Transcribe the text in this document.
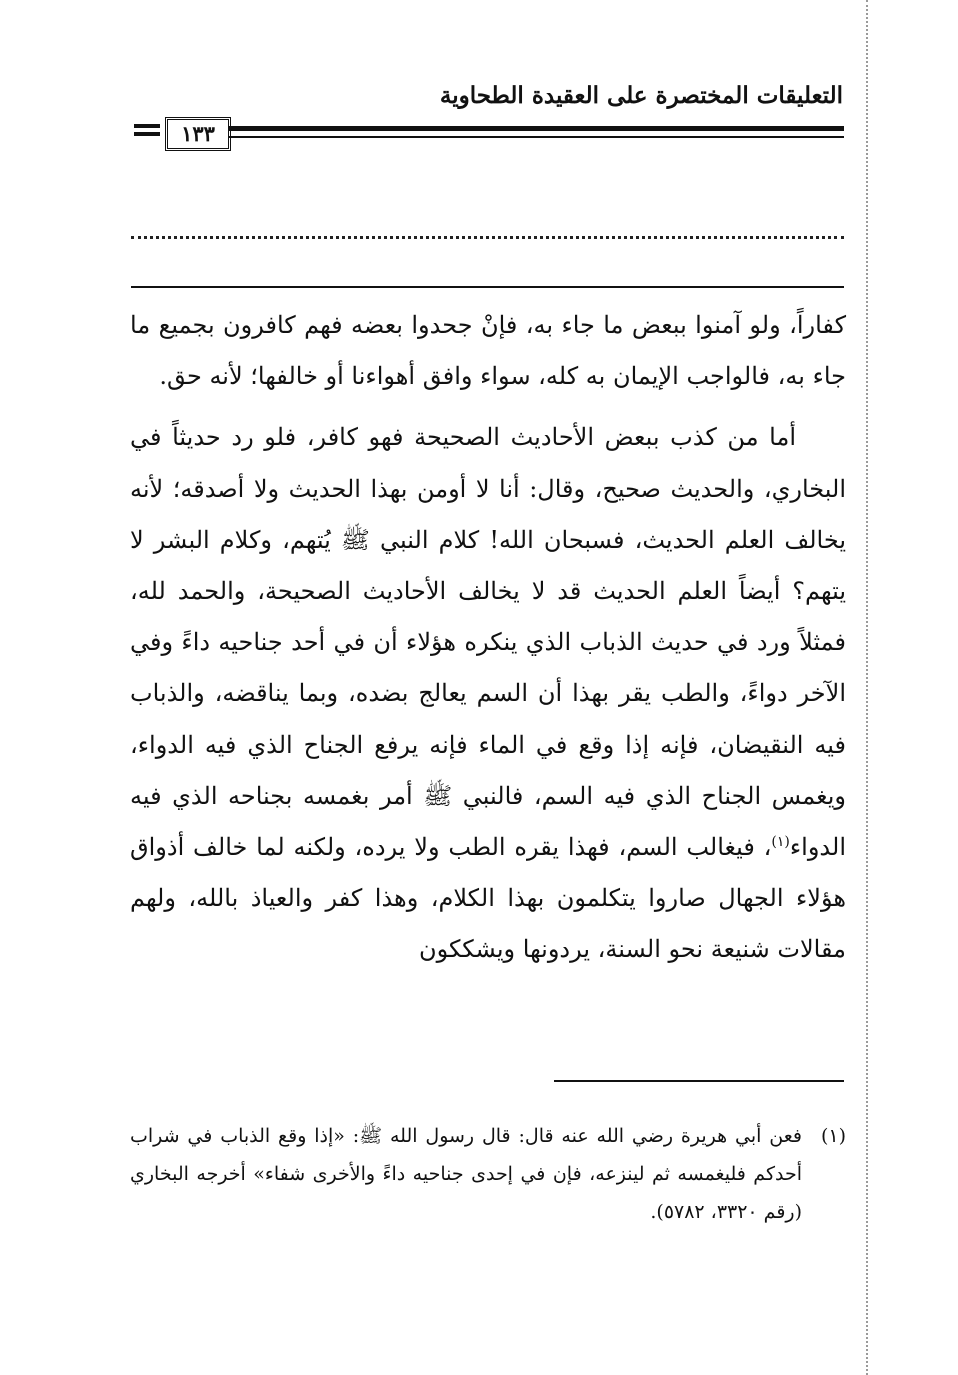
التعليقات المختصرة على العقيدة الطحاوية
١٣٣

كفاراً، ولو آمنوا ببعض ما جاء به، فإنْ جحدوا بعضه فهم كافرون بجميع ما جاء به، فالواجب الإيمان به كله، سواء وافق أهواءنا أو خالفها؛ لأنه حق.

أما من كذب ببعض الأحاديث الصحيحة فهو كافر، فلو رد حديثاً في البخاري، والحديث صحيح، وقال: أنا لا أومن بهذا الحديث ولا أصدقه؛ لأنه يخالف العلم الحديث، فسبحان الله! كلام النبي ﷺ يُتهم، وكلام البشر لا يتهم؟ أيضاً العلم الحديث قد لا يخالف الأحاديث الصحيحة، والحمد لله، فمثلاً ورد في حديث الذباب الذي ينكره هؤلاء أن في أحد جناحيه داءً وفي الآخر دواءً، والطب يقر بهذا أن السم يعالج بضده، وبما يناقضه، والذباب فيه النقيضان، فإنه إذا وقع في الماء فإنه يرفع الجناح الذي فيه الدواء، ويغمس الجناح الذي فيه السم، فالنبي ﷺ أمر بغمسه بجناحه الذي فيه الدواء$^{(١)}$، فيغالب السم، فهذا يقره الطب ولا يرده، ولكنه لما خالف أذواق هؤلاء الجهال صاروا يتكلمون بهذا الكلام، وهذا كفر والعياذ بالله، ولهم مقالات شنيعة نحو السنة، يردونها ويشككون

(١)
فعن أبي هريرة رضي الله عنه قال: قال رسول الله ﷺ: «إذا وقع الذباب في شراب أحدكم فليغمسه ثم لينزعه، فإن في إحدى جناحيه داءً والأخرى شفاء» أخرجه البخاري (رقم ٣٣٢٠، ٥٧٨٢).
